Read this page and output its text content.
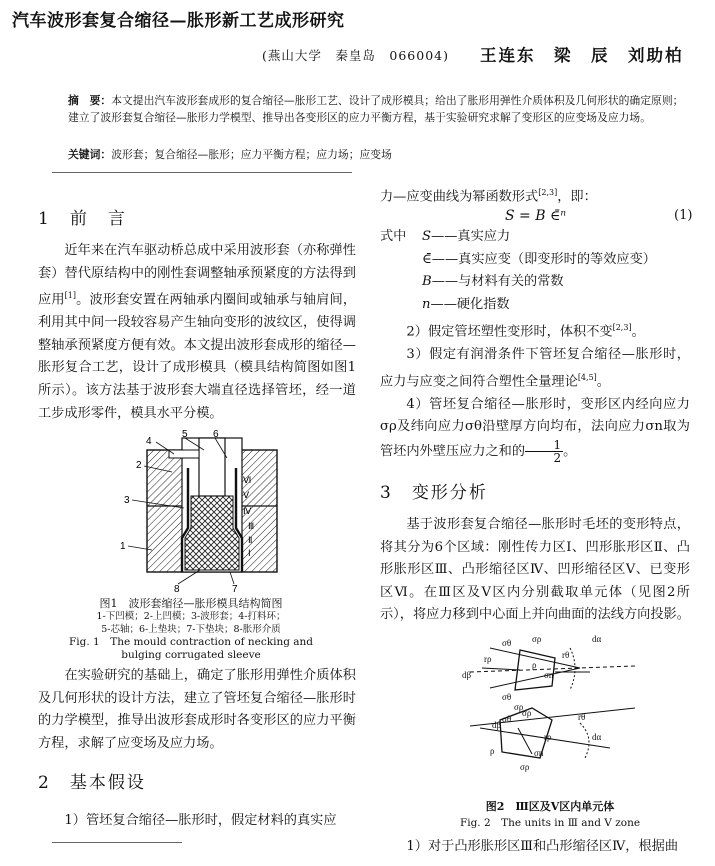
汽车波形套复合缩径—胀形新工艺成形研究
(燕山大学　秦皇岛　066004) 王连东　梁　辰　刘助柏
摘　要：本文提出汽车波形套成形的复合缩径—胀形工艺、设计了成形模具；给出了胀形用弹性介质体积及几何形状的确定原则；建立了波形套复合缩径—胀形力学模型、推导出各变形区的应力平衡方程，基于实验研究求解了变形区的应变场及应力场。
关键词：波形套；复合缩径—胀形；应力平衡方程；应力场；应变场
1　前　言

近年来在汽车驱动桥总成中采用波形套（亦称弹性套）替代原结构中的刚性套调整轴承预紧度的方法得到应用[1]。波形套安置在两轴承内圈间或轴承与轴肩间，利用其中间一段较容易产生轴向变形的波纹区，使得调整轴承预紧度方便有效。本文提出波形套成形的缩径—胀形复合工艺，设计了成形模具（模具结构简图如图1所示）。该方法基于波形套大端直径选择管坯，经一道工步成形零件，模具水平分模。

4
5	6
2
Ⅵ
Ⅴ
3
Ⅳ
Ⅲ
Ⅱ
1
Ⅰ
8	7
图1　波形套缩径—胀形模具结构简图
1-下凹模；2-上凹模；3-波形套；4-打料环；
5-芯轴；6-上垫块；7-下垫块；8-胀形介质
Fig. 1　The mould contraction of necking and
bulging corrugated sleeve

在实验研究的基础上，确定了胀形用弹性介质体积及几何形状的设计方法，建立了管坯复合缩径—胀形时的力学模型，推导出波形套成形时各变形区的应力平衡方程，求解了应变场及应力场。

2　基本假设

1）管坯复合缩径—胀形时，假定材料的真实应

力—应变曲线为幂函数形式[2,3]，即：

S = B ∈̄ⁿ	(1)
式中 S——真实应力
∈̄——真实应变（即变形时的等效应变）
B——与材料有关的常数
n——硬化指数

2）假定管坯塑性变形时，体积不变[2,3]。

3）假定有润滑条件下管坯复合缩径—胀形时，应力与应变之间符合塑性全量理论[4,5]。

4）管坯复合缩径—胀形时，变形区内经向应力σρ及纬向应力σθ沿壁厚方向均布，法向应力σn取为管坯内外壁压应力之和的 $\frac{1}{2}$ 。

3　变形分析

基于波形套复合缩径—胀形时毛坯的变形特点，将其分为6个区域：刚性传力区Ⅰ、凹形胀形区Ⅱ、凸形胀形区Ⅲ、凸形缩径区Ⅳ、凹形缩径区Ⅴ、已变形区Ⅵ。在Ⅲ区及Ⅴ区内分别截取单元体（见图2所示），将应力移到中心面上并向曲面的法线方向投影。

dα
σρ
σθ
rρ	rθ
ρ
dβ	σn
σθ
σρ
σθ
dβ
σρ	rθ
rρ	dα
ρ	σn
σρ
图2　Ⅲ区及Ⅴ区内单元体
Fig. 2　The units in Ⅲ and Ⅴ zone

1）对于凸形胀形区Ⅲ和凸形缩径区Ⅳ，根据曲
